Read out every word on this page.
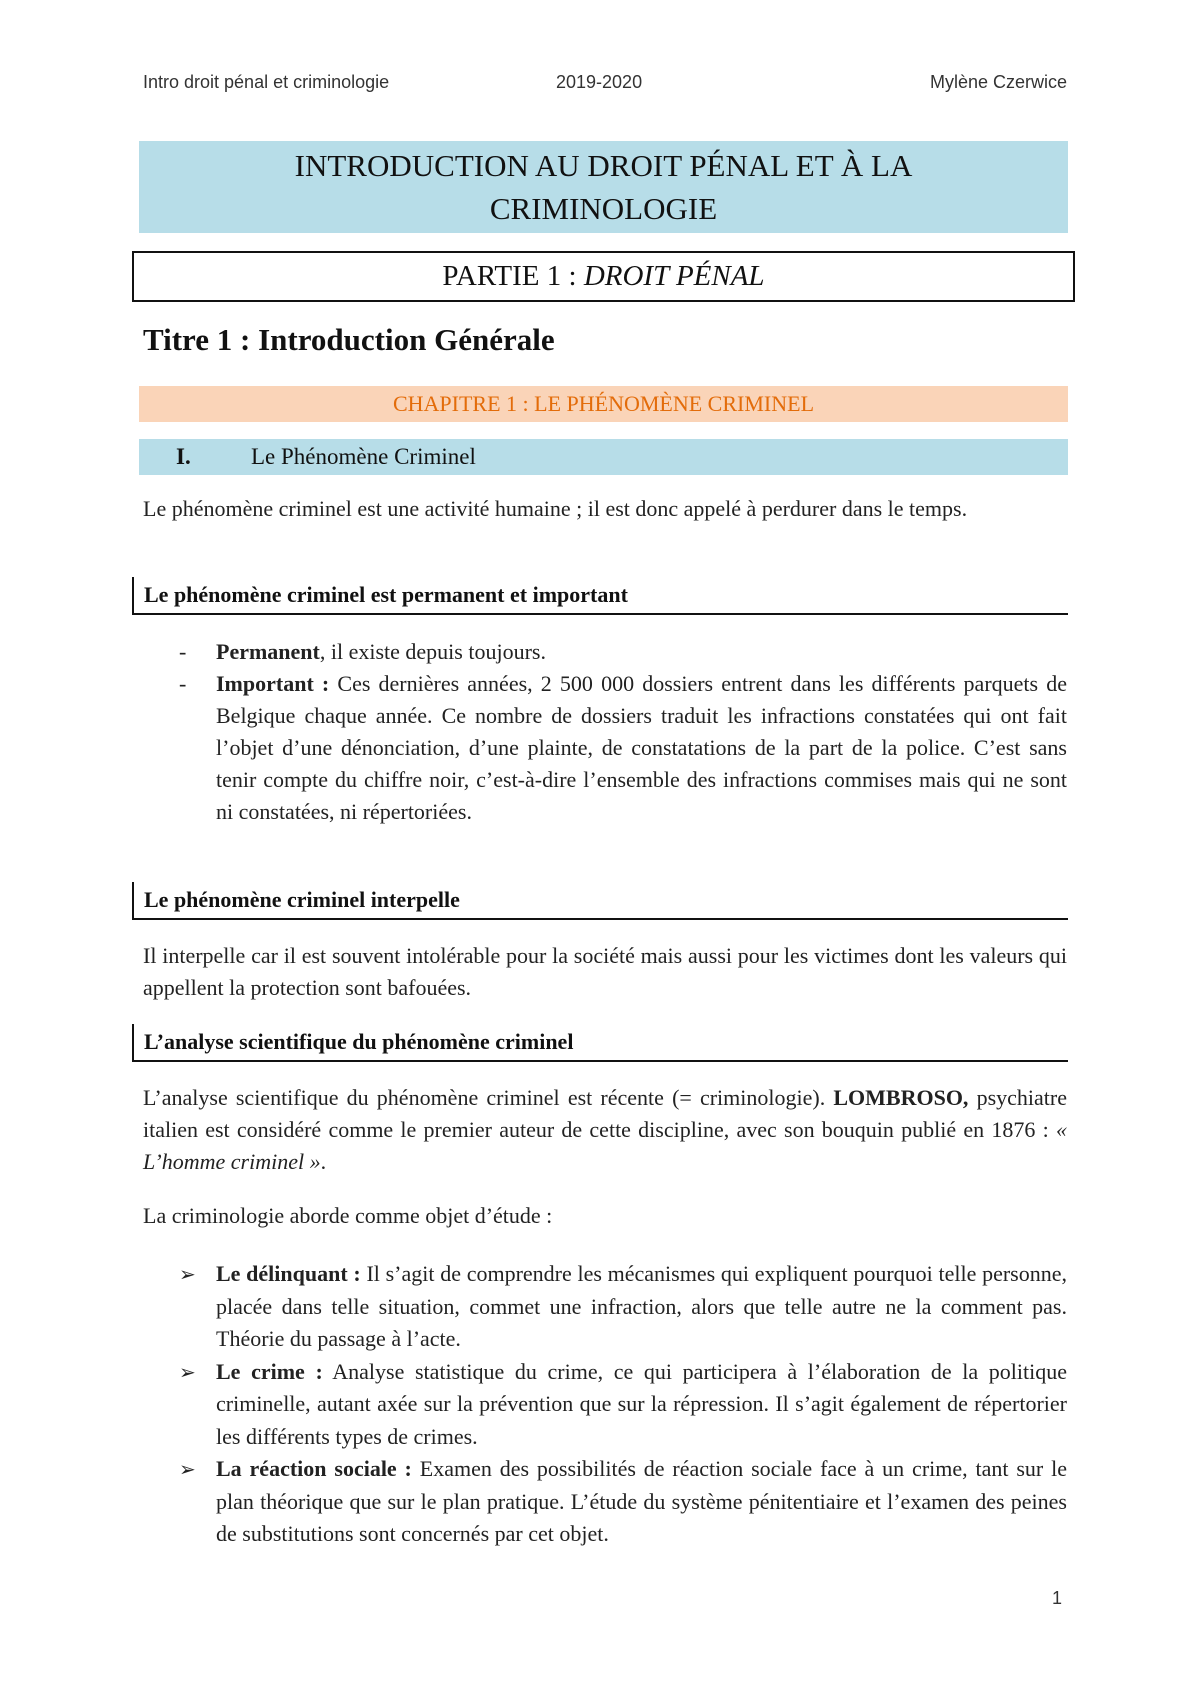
Intro droit pénal et criminologie	2019-2020	Mylène Czerwice
INTRODUCTION AU DROIT PÉNAL ET À LA
CRIMINOLOGIE
PARTIE 1 : DROIT PÉNAL
Titre 1 : Introduction Générale
CHAPITRE 1 : LE PHÉNOMÈNE CRIMINEL
I.	Le Phénomène Criminel
Le phénomène criminel est une activité humaine ; il est donc appelé à perdurer dans le temps.
Le phénomène criminel est permanent et important
- Permanent, il existe depuis toujours.
- Important : Ces dernières années, 2 500 000 dossiers entrent dans les différents parquets de Belgique chaque année. Ce nombre de dossiers traduit les infractions constatées qui ont fait l’objet d’une dénonciation, d’une plainte, de constatations de la part de la police. C’est sans tenir compte du chiffre noir, c’est-à-dire l’ensemble des infractions commises mais qui ne sont ni constatées, ni répertoriées.
Le phénomène criminel interpelle
Il interpelle car il est souvent intolérable pour la société mais aussi pour les victimes dont les valeurs qui appellent la protection sont bafouées.
L’analyse scientifique du phénomène criminel
L’analyse scientifique du phénomène criminel est récente (= criminologie). LOMBROSO, psychiatre italien est considéré comme le premier auteur de cette discipline, avec son bouquin publié en 1876 : « L’homme criminel ».
La criminologie aborde comme objet d’étude :
➢ Le délinquant : Il s’agit de comprendre les mécanismes qui expliquent pourquoi telle personne, placée dans telle situation, commet une infraction, alors que telle autre ne la comment pas. Théorie du passage à l’acte.
➢ Le crime : Analyse statistique du crime, ce qui participera à l’élaboration de la politique criminelle, autant axée sur la prévention que sur la répression. Il s’agit également de répertorier les différents types de crimes.
➢ La réaction sociale : Examen des possibilités de réaction sociale face à un crime, tant sur le plan théorique que sur le plan pratique. L’étude du système pénitentiaire et l’examen des peines de substitutions sont concernés par cet objet.
1
